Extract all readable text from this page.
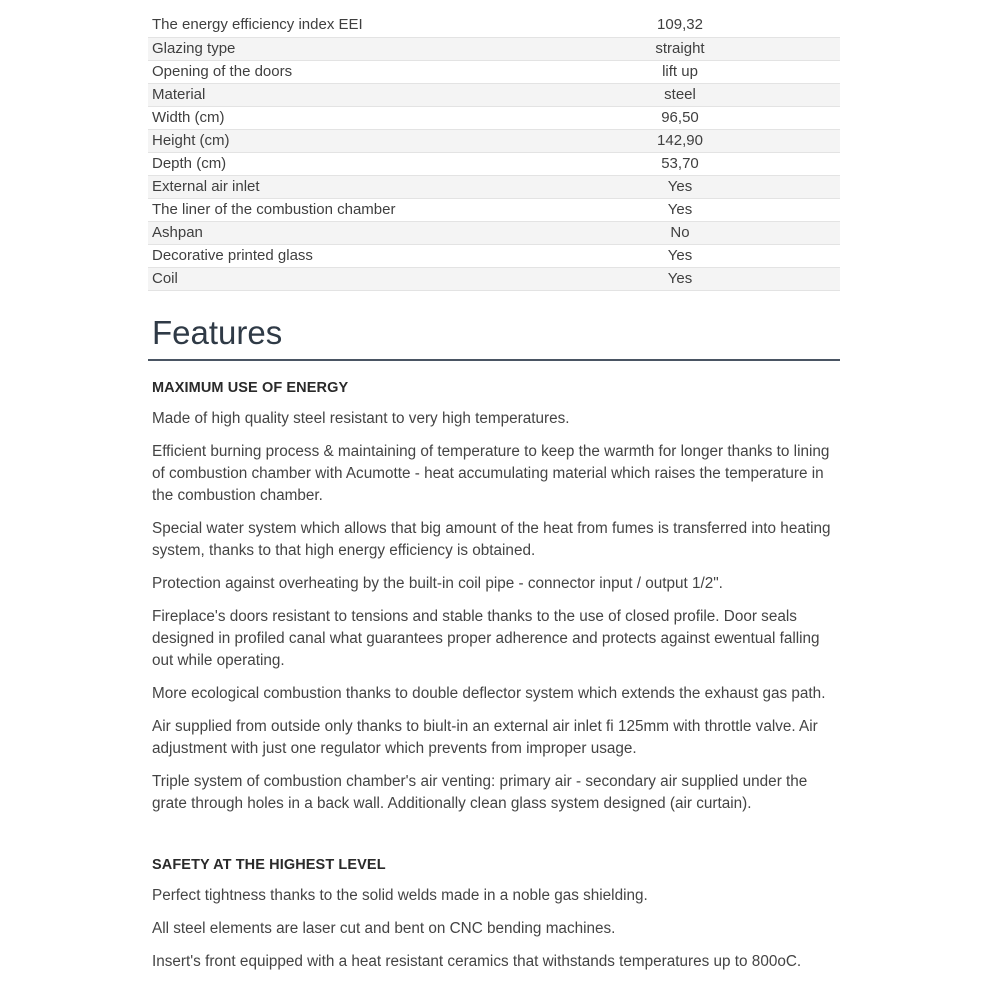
The energy efficiency index EEI	109,32
Glazing type	straight
Opening of the doors	lift up
Material	steel
Width (cm)	96,50
Height (cm)	142,90
Depth (cm)	53,70
External air inlet	Yes
The liner of the combustion chamber	Yes
Ashpan	No
Decorative printed glass	Yes
Coil	Yes
Features
MAXIMUM USE OF ENERGY

Made of high quality steel resistant to very high temperatures.

Efficient burning process & maintaining of temperature to keep the warmth for longer thanks to lining of combustion chamber with Acumotte - heat accumulating material which raises the temperature in the combustion chamber.

Special water system which allows that big amount of the heat from fumes is transferred into heating system, thanks to that high energy efficiency is obtained.

Protection against overheating by the built-in coil pipe - connector input / output 1/2".

Fireplace's doors resistant to tensions and stable thanks to the use of closed profile. Door seals designed in profiled canal what guarantees proper adherence and protects against ewentual falling out while operating.

More ecological combustion thanks to double deflector system which extends the exhaust gas path.

Air supplied from outside only thanks to biult-in an external air inlet fi 125mm with throttle valve. Air adjustment with just one regulator which prevents from improper usage.

Triple system of combustion chamber's air venting: primary air - secondary air supplied under the grate through holes in a back wall. Additionally clean glass system designed (air curtain).

SAFETY AT THE HIGHEST LEVEL

Perfect tightness thanks to the solid welds made in a noble gas shielding.

All steel elements are laser cut and bent on CNC bending machines.

Insert's front equipped with a heat resistant ceramics that withstands temperatures up to 800oC.
